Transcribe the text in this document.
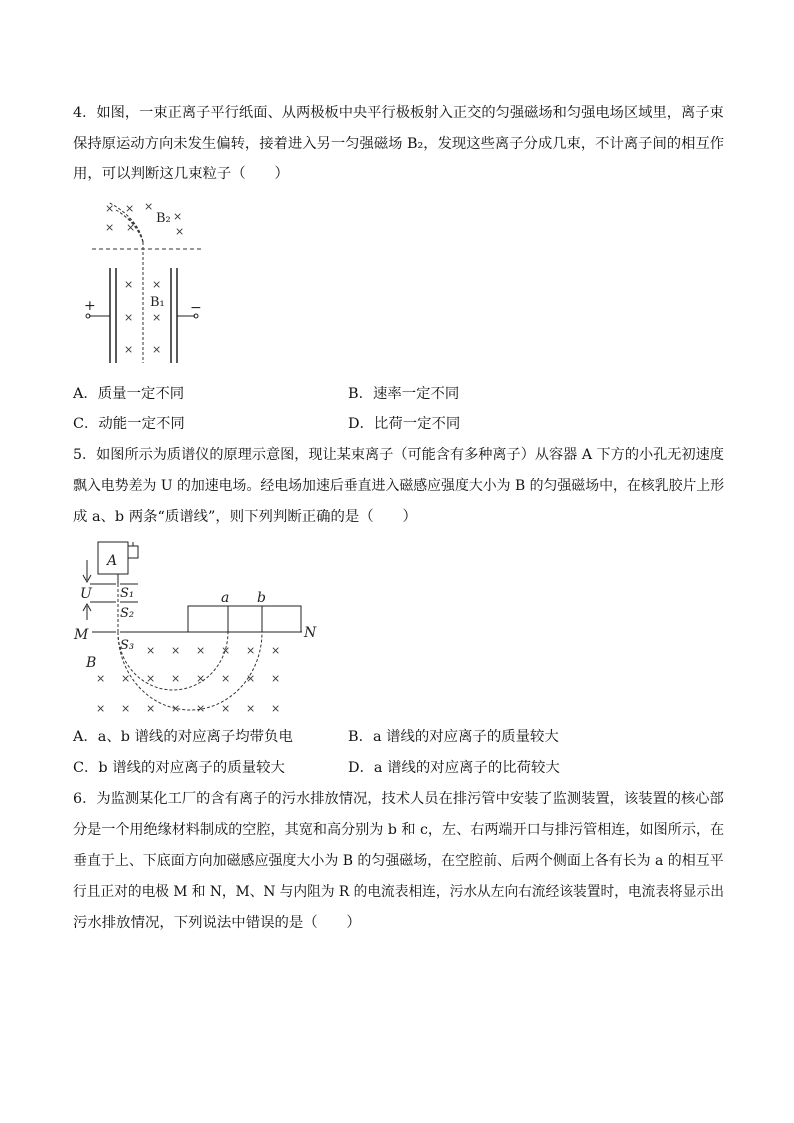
4．如图，一束正离子平行纸面、从两极板中央平行极板射入正交的匀强磁场和匀强电场区域里，离子束
保持原运动方向未发生偏转，接着进入另一匀强磁场 B₂，发现这些离子分成几束，不计离子间的相互作
用，可以判断这几束粒子（　　）
× × ×
× ×
×
×
B₂
+	−
× ×
× ×
× ×
B₁
A．质量一定不同	B．速率一定不同
C．动能一定不同	D．比荷一定不同
5．如图所示为质谱仪的原理示意图，现让某束离子（可能含有多种离子）从容器 A 下方的小孔无初速度
飘入电势差为 U 的加速电场。经电场加速后垂直进入磁感应强度大小为 B 的匀强磁场中，在核乳胶片上形
成 a、b 两条“质谱线”，则下列判断正确的是（　　）
A
S₁
S₂
U
M	N
a b
S₃
B
× × × × × ×
× × × × × × × ×
× × × × × × × ×
A．a、b 谱线的对应离子均带负电	B．a 谱线的对应离子的质量较大
C．b 谱线的对应离子的质量较大	D．a 谱线的对应离子的比荷较大
6．为监测某化工厂的含有离子的污水排放情况，技术人员在排污管中安装了监测装置，该装置的核心部
分是一个用绝缘材料制成的空腔，其宽和高分别为 b 和 c，左、右两端开口与排污管相连，如图所示，在
垂直于上、下底面方向加磁感应强度大小为 B 的匀强磁场，在空腔前、后两个侧面上各有长为 a 的相互平
行且正对的电极 M 和 N，M、N 与内阻为 R 的电流表相连，污水从左向右流经该装置时，电流表将显示出
污水排放情况，下列说法中错误的是（　　）
